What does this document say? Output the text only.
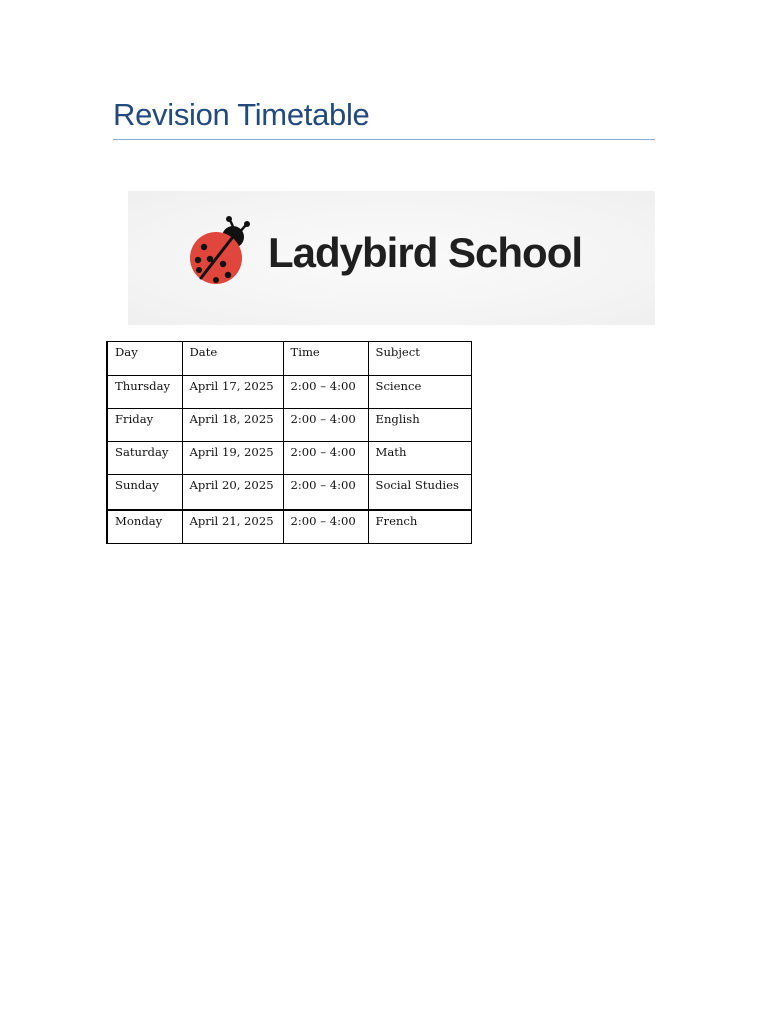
Revision Timetable
Ladybird School
Day	Date	Time	Subject
Thursday	April 17, 2025	2:00 – 4:00	Science
Friday	April 18, 2025	2:00 – 4:00	English
Saturday	April 19, 2025	2:00 – 4:00	Math
Sunday	April 20, 2025	2:00 – 4:00	Social Studies
Monday	April 21, 2025	2:00 – 4:00	French
